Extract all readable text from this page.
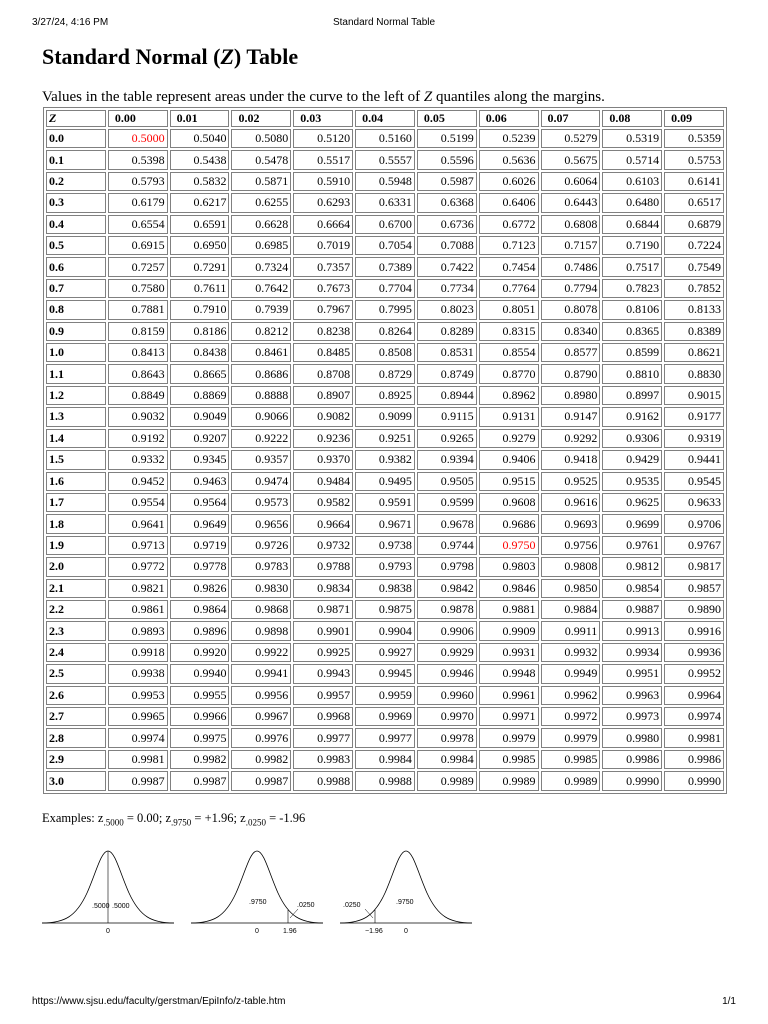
3/27/24, 4:16 PM	Standard Normal Table
Standard Normal (Z) Table

Values in the table represent areas under the curve to the left of Z quantiles along the margins.

Z	0.00	0.01	0.02	0.03	0.04	0.05	0.06	0.07	0.08	0.09
0.0	0.5000	0.5040	0.5080	0.5120	0.5160	0.5199	0.5239	0.5279	0.5319	0.5359
0.1	0.5398	0.5438	0.5478	0.5517	0.5557	0.5596	0.5636	0.5675	0.5714	0.5753
0.2	0.5793	0.5832	0.5871	0.5910	0.5948	0.5987	0.6026	0.6064	0.6103	0.6141
0.3	0.6179	0.6217	0.6255	0.6293	0.6331	0.6368	0.6406	0.6443	0.6480	0.6517
0.4	0.6554	0.6591	0.6628	0.6664	0.6700	0.6736	0.6772	0.6808	0.6844	0.6879
0.5	0.6915	0.6950	0.6985	0.7019	0.7054	0.7088	0.7123	0.7157	0.7190	0.7224
0.6	0.7257	0.7291	0.7324	0.7357	0.7389	0.7422	0.7454	0.7486	0.7517	0.7549
0.7	0.7580	0.7611	0.7642	0.7673	0.7704	0.7734	0.7764	0.7794	0.7823	0.7852
0.8	0.7881	0.7910	0.7939	0.7967	0.7995	0.8023	0.8051	0.8078	0.8106	0.8133
0.9	0.8159	0.8186	0.8212	0.8238	0.8264	0.8289	0.8315	0.8340	0.8365	0.8389
1.0	0.8413	0.8438	0.8461	0.8485	0.8508	0.8531	0.8554	0.8577	0.8599	0.8621
1.1	0.8643	0.8665	0.8686	0.8708	0.8729	0.8749	0.8770	0.8790	0.8810	0.8830
1.2	0.8849	0.8869	0.8888	0.8907	0.8925	0.8944	0.8962	0.8980	0.8997	0.9015
1.3	0.9032	0.9049	0.9066	0.9082	0.9099	0.9115	0.9131	0.9147	0.9162	0.9177
1.4	0.9192	0.9207	0.9222	0.9236	0.9251	0.9265	0.9279	0.9292	0.9306	0.9319
1.5	0.9332	0.9345	0.9357	0.9370	0.9382	0.9394	0.9406	0.9418	0.9429	0.9441
1.6	0.9452	0.9463	0.9474	0.9484	0.9495	0.9505	0.9515	0.9525	0.9535	0.9545
1.7	0.9554	0.9564	0.9573	0.9582	0.9591	0.9599	0.9608	0.9616	0.9625	0.9633
1.8	0.9641	0.9649	0.9656	0.9664	0.9671	0.9678	0.9686	0.9693	0.9699	0.9706
1.9	0.9713	0.9719	0.9726	0.9732	0.9738	0.9744	0.9750	0.9756	0.9761	0.9767
2.0	0.9772	0.9778	0.9783	0.9788	0.9793	0.9798	0.9803	0.9808	0.9812	0.9817
2.1	0.9821	0.9826	0.9830	0.9834	0.9838	0.9842	0.9846	0.9850	0.9854	0.9857
2.2	0.9861	0.9864	0.9868	0.9871	0.9875	0.9878	0.9881	0.9884	0.9887	0.9890
2.3	0.9893	0.9896	0.9898	0.9901	0.9904	0.9906	0.9909	0.9911	0.9913	0.9916
2.4	0.9918	0.9920	0.9922	0.9925	0.9927	0.9929	0.9931	0.9932	0.9934	0.9936
2.5	0.9938	0.9940	0.9941	0.9943	0.9945	0.9946	0.9948	0.9949	0.9951	0.9952
2.6	0.9953	0.9955	0.9956	0.9957	0.9959	0.9960	0.9961	0.9962	0.9963	0.9964
2.7	0.9965	0.9966	0.9967	0.9968	0.9969	0.9970	0.9971	0.9972	0.9973	0.9974
2.8	0.9974	0.9975	0.9976	0.9977	0.9977	0.9978	0.9979	0.9979	0.9980	0.9981
2.9	0.9981	0.9982	0.9982	0.9983	0.9984	0.9984	0.9985	0.9985	0.9986	0.9986
3.0	0.9987	0.9987	0.9987	0.9988	0.9988	0.9989	0.9989	0.9989	0.9990	0.9990

Examples: $z_{.5000} = 0.00$; $z_{.9750} = +1.96$; $z_{.0250} = -1.96$

.5000 .5000
0
.9750	.0250
0	1.96
.0250	.9750
−1.96	0
https://www.sjsu.edu/faculty/gerstman/EpiInfo/z-table.htm	1/1
